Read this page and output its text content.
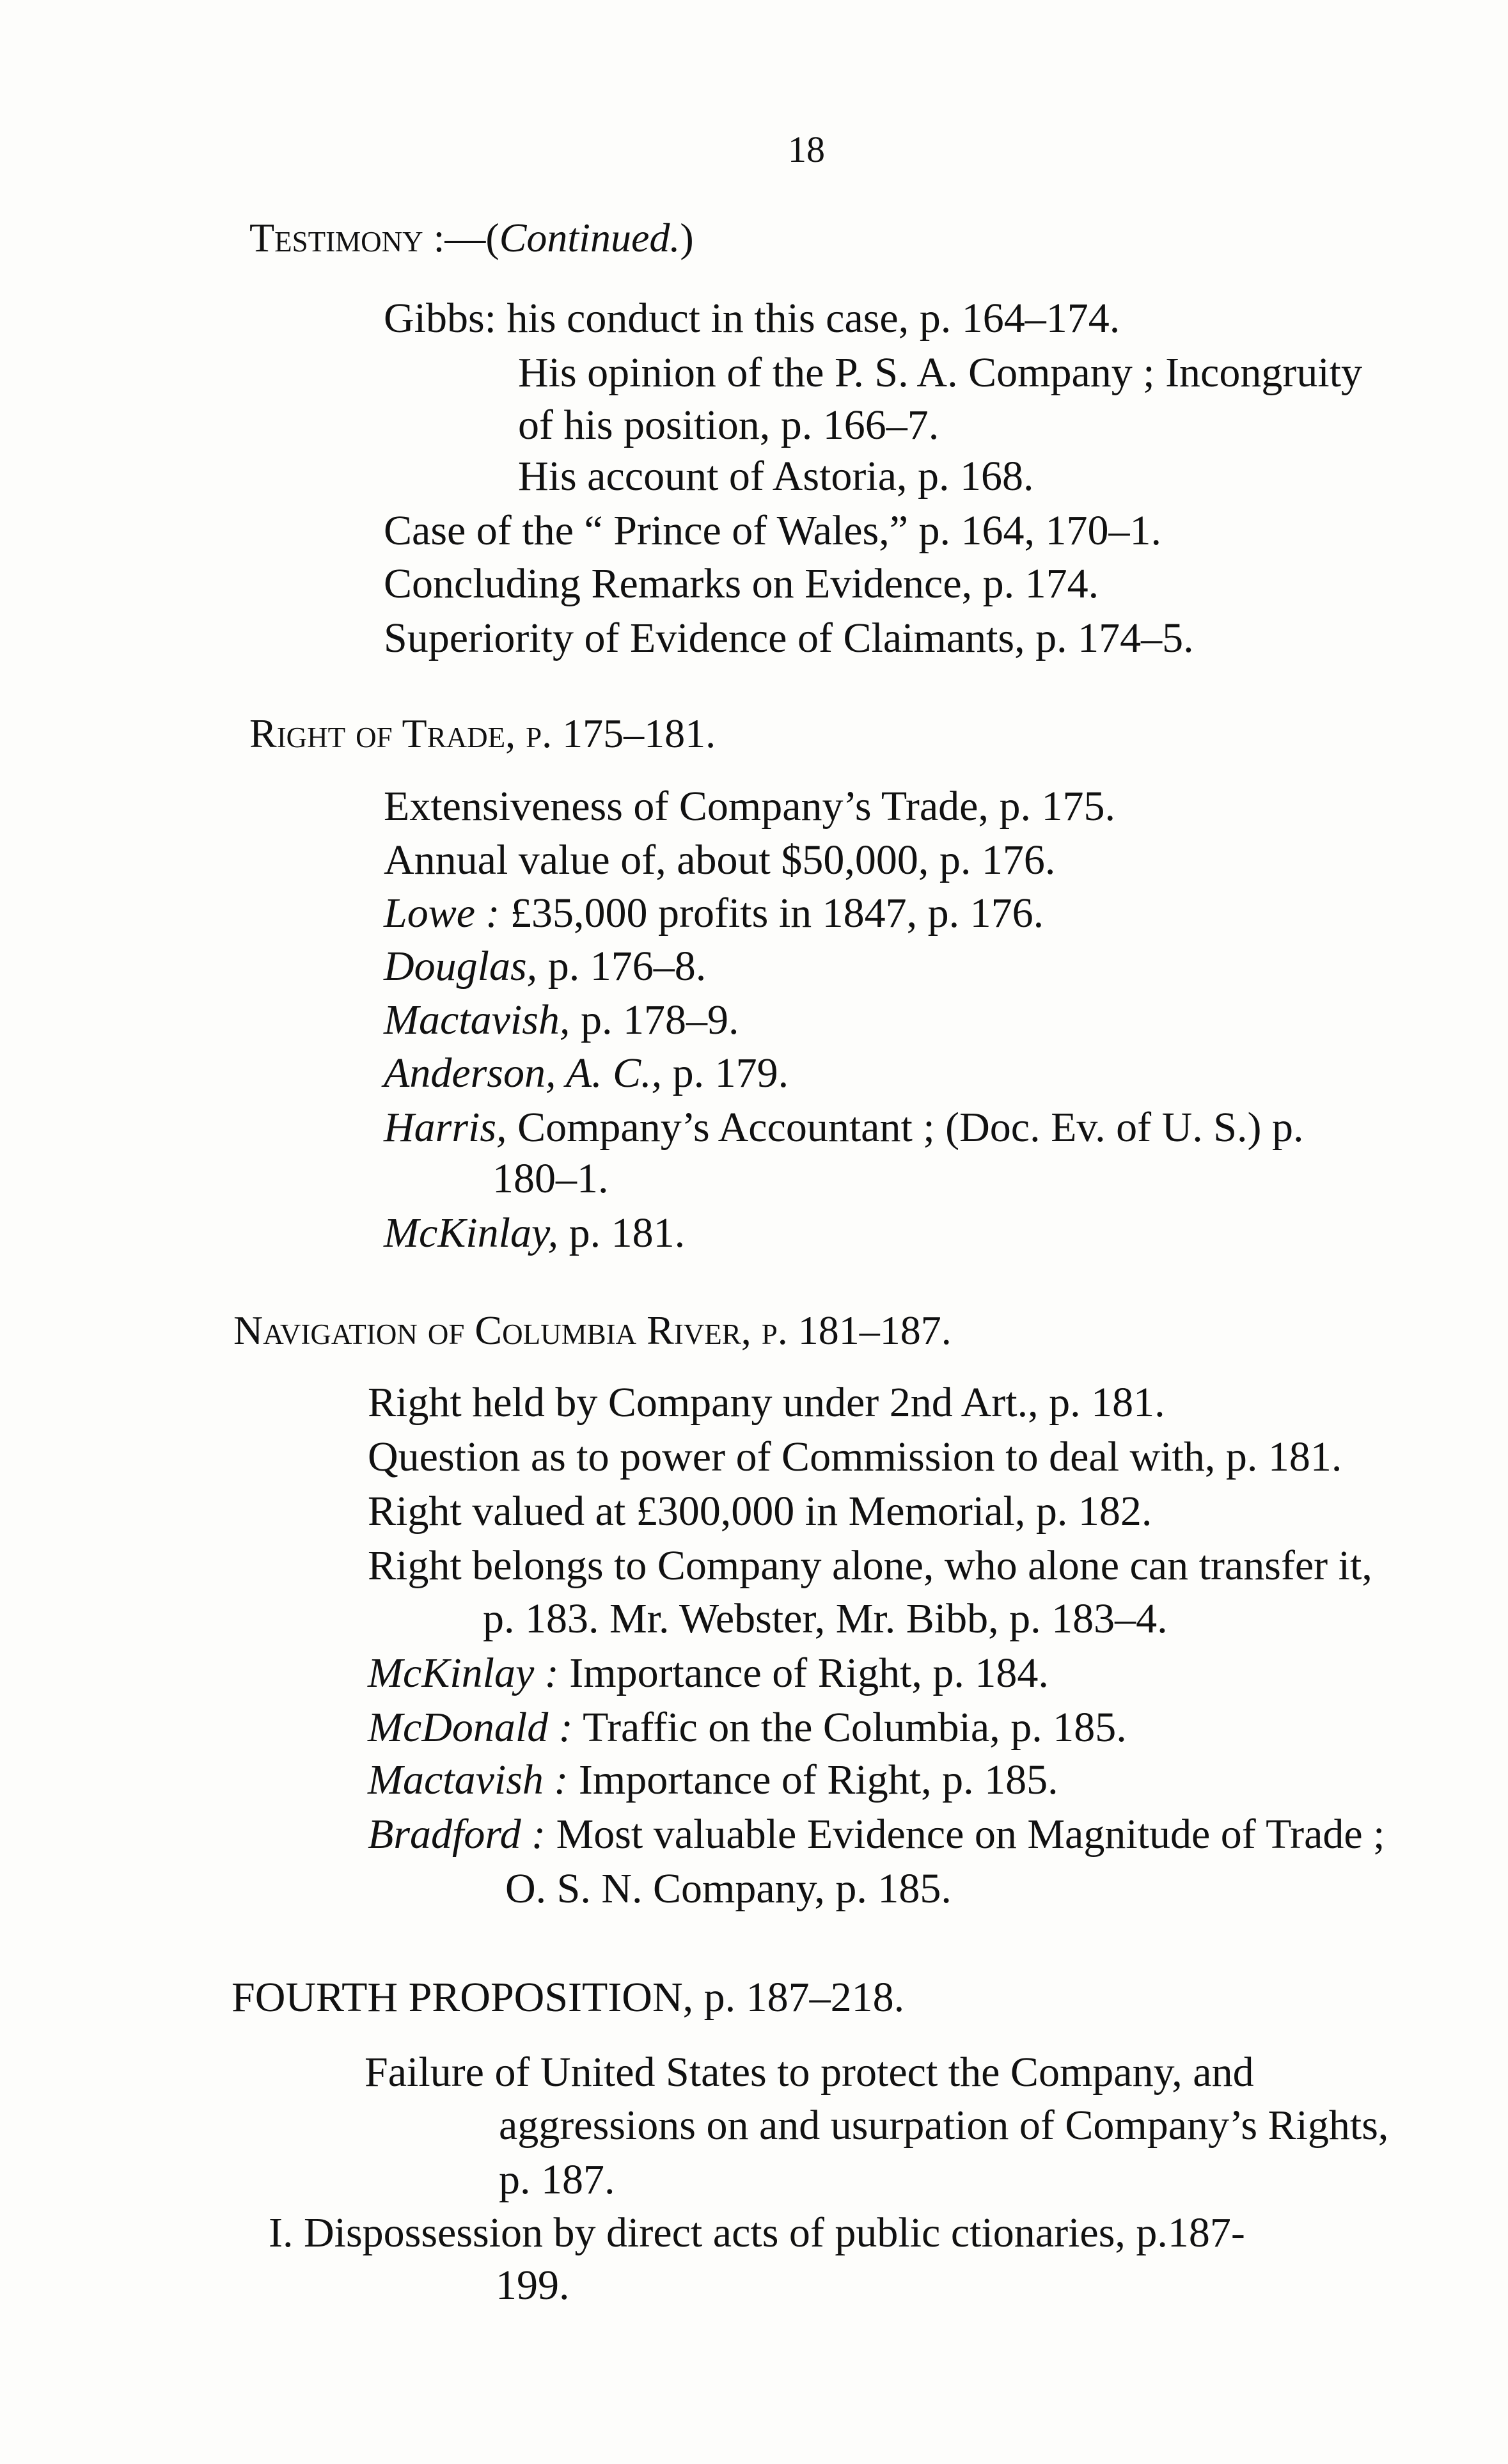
18
Testimony :—(Continued.)
Gibbs: his conduct in this case, p. 164–174.
His opinion of the P. S. A. Company ; Incongruity
of his position, p. 166–7.
His account of Astoria, p. 168.
Case of the “ Prince of Wales,” p. 164, 170–1.
Concluding Remarks on Evidence, p. 174.
Superiority of Evidence of Claimants, p. 174–5.
Right of Trade, p. 175–181.
Extensiveness of Company’s Trade, p. 175.
Annual value of, about $50,000, p. 176.
Lowe : £35,000 profits in 1847, p. 176.
Douglas, p. 176–8.
Mactavish, p. 178–9.
Anderson, A. C., p. 179.
Harris, Company’s Accountant ; (Doc. Ev. of U. S.) p.
180–1.
McKinlay, p. 181.
Navigation of Columbia River, p. 181–187.
Right held by Company under 2nd Art., p. 181.
Question as to power of Commission to deal with, p. 181.
Right valued at £300,000 in Memorial, p. 182.
Right belongs to Company alone, who alone can transfer it,
p. 183. Mr. Webster, Mr. Bibb, p. 183–4.
McKinlay : Importance of Right, p. 184.
McDonald : Traffic on the Columbia, p. 185.
Mactavish : Importance of Right, p. 185.
Bradford : Most valuable Evidence on Magnitude of Trade ;
O. S. N. Company, p. 185.
FOURTH PROPOSITION, p. 187–218.
Failure of United States to protect the Company, and
aggressions on and usurpation of Company’s Rights,
p. 187.
I. Dispossession by direct acts of public ctionaries, p.187-
199.
